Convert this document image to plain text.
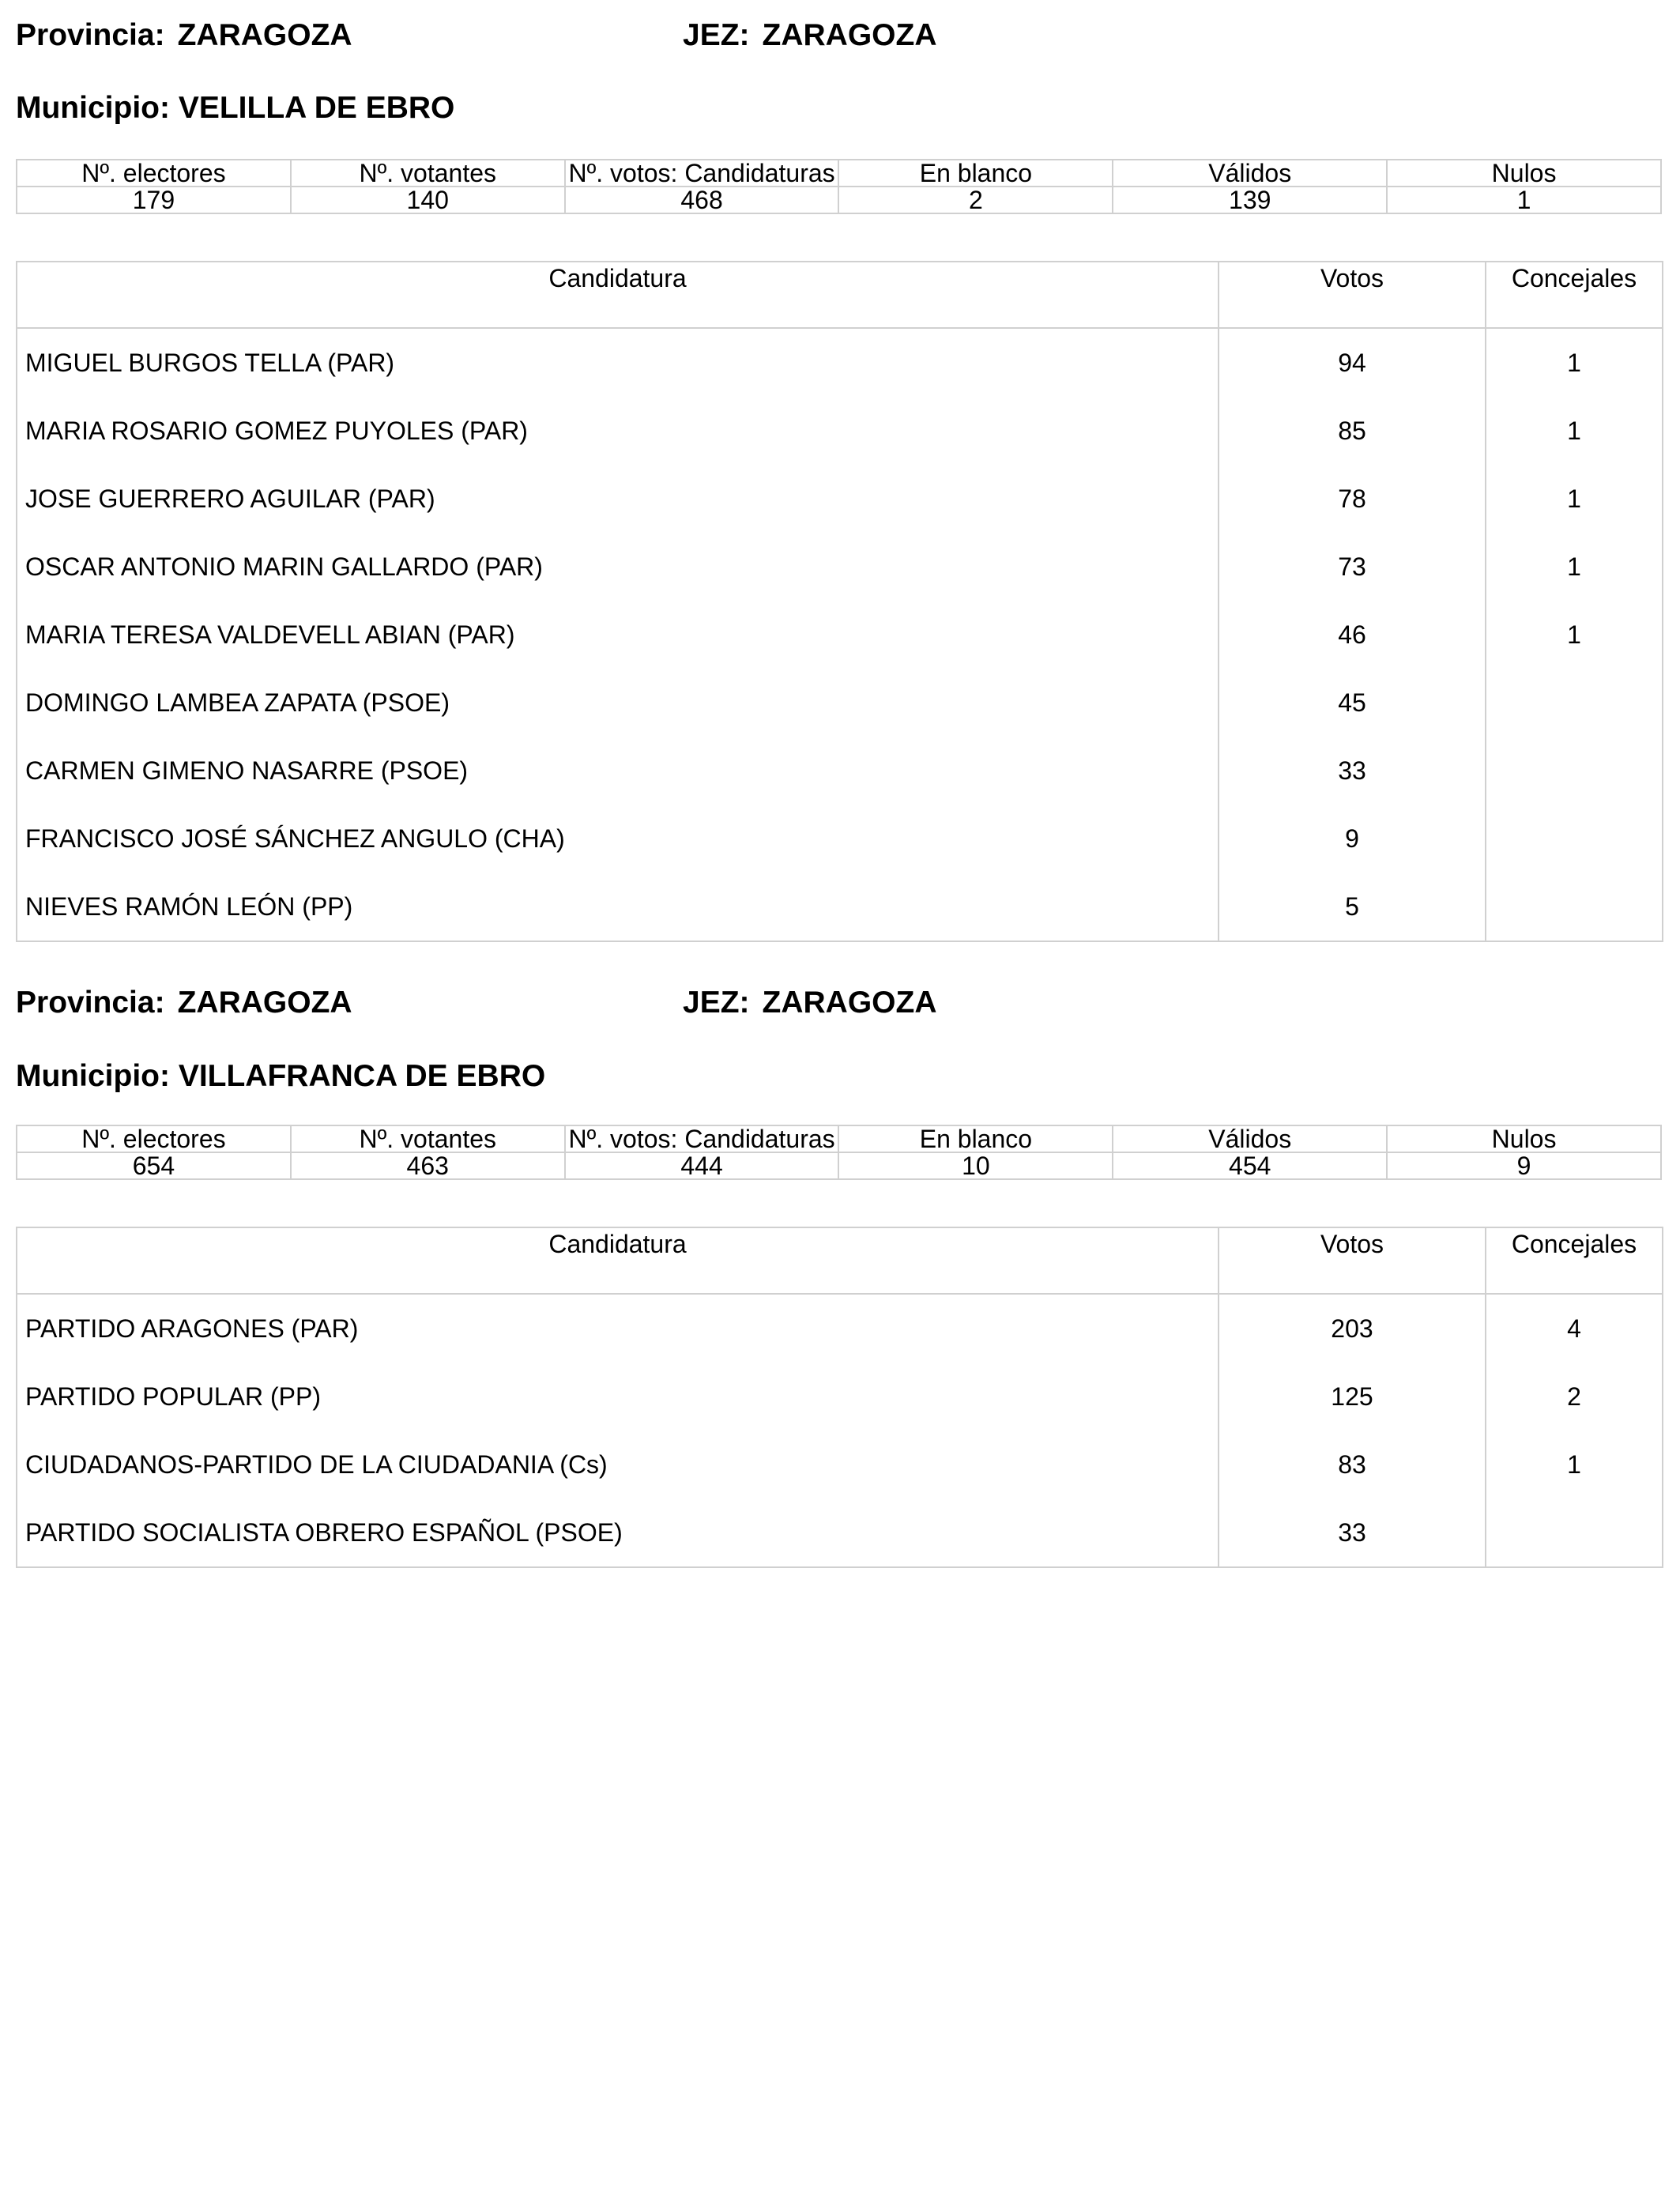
Provincia: ZARAGOZA	JEZ: ZARAGOZA
Municipio: VELILLA DE EBRO
Nº. electores	Nº. votantes	Nº. votos: Candidaturas	En blanco	Válidos	Nulos
179	140	468	2	139	1
Candidatura	Votos	Concejales
MIGUEL BURGOS TELLA (PAR)	94	1
MARIA ROSARIO GOMEZ PUYOLES (PAR)	85	1
JOSE GUERRERO AGUILAR (PAR)	78	1
OSCAR ANTONIO MARIN GALLARDO (PAR)	73	1
MARIA TERESA VALDEVELL ABIAN (PAR)	46	1
DOMINGO LAMBEA ZAPATA (PSOE)	45
CARMEN GIMENO NASARRE (PSOE)	33
FRANCISCO JOSÉ SÁNCHEZ ANGULO (CHA)	9
NIEVES RAMÓN LEÓN (PP)	5
Provincia: ZARAGOZA	JEZ: ZARAGOZA
Municipio: VILLAFRANCA DE EBRO
Nº. electores	Nº. votantes	Nº. votos: Candidaturas	En blanco	Válidos	Nulos
654	463	444	10	454	9
Candidatura	Votos	Concejales
PARTIDO ARAGONES (PAR)	203	4
PARTIDO POPULAR (PP)	125	2
CIUDADANOS-PARTIDO DE LA CIUDADANIA (Cs)	83	1
PARTIDO SOCIALISTA OBRERO ESPAÑOL (PSOE)	33
